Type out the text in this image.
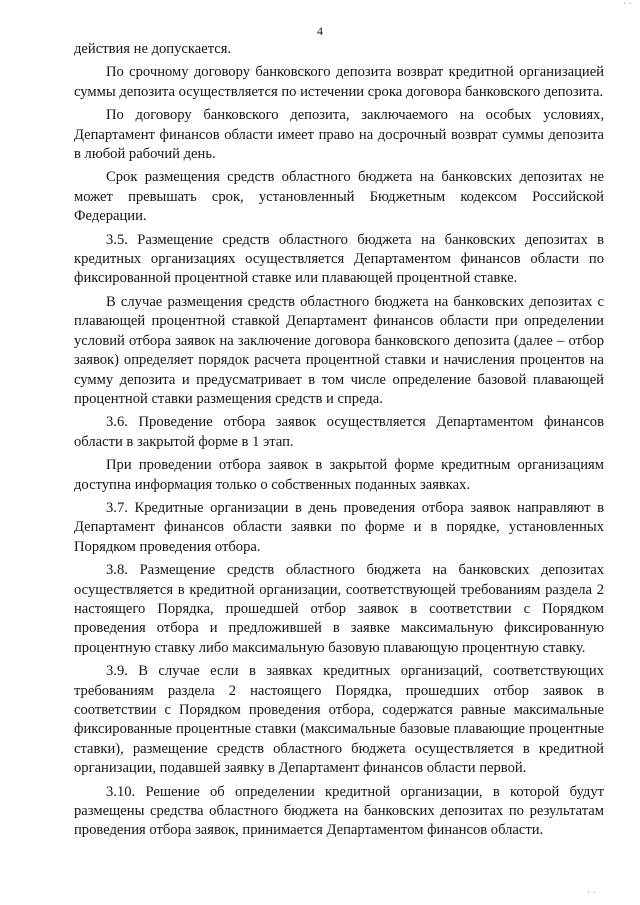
· ·
4

действия не допускается.

По срочному договору банковского депозита возврат кредитной организацией суммы депозита осуществляется по истечении срока договора банковского депозита.

По договору банковского депозита, заключаемого на особых условиях, Департамент финансов области имеет право на досрочный возврат суммы депозита в любой рабочий день.

Срок размещения средств областного бюджета на банковских депозитах не может превышать срок, установленный Бюджетным кодексом Российской Федерации.

3.5. Размещение средств областного бюджета на банковских депозитах в кредитных организациях осуществляется Департаментом финансов области по фиксированной процентной ставке или плавающей процентной ставке.

В случае размещения средств областного бюджета на банковских депозитах с плавающей процентной ставкой Департамент финансов области при определении условий отбора заявок на заключение договора банковского депозита (далее – отбор заявок) определяет порядок расчета процентной ставки и начисления процентов на сумму депозита и предусматривает в том числе определение базовой плавающей процентной ставки размещения средств и спреда.

3.6. Проведение отбора заявок осуществляется Департаментом финансов области в закрытой форме в 1 этап.

При проведении отбора заявок в закрытой форме кредитным организациям доступна информация только о собственных поданных заявках.

3.7. Кредитные организации в день проведения отбора заявок направляют в Департамент финансов области заявки по форме и в порядке, установленных Порядком проведения отбора.

3.8. Размещение средств областного бюджета на банковских депозитах осуществляется в кредитной организации, соответствующей требованиям раздела 2 настоящего Порядка, прошедшей отбор заявок в соответствии с Порядком проведения отбора и предложившей в заявке максимальную фиксированную процентную ставку либо максимальную базовую плавающую процентную ставку.

3.9. В случае если в заявках кредитных организаций, соответствующих требованиям раздела 2 настоящего Порядка, прошедших отбор заявок в соответствии с Порядком проведения отбора, содержатся равные максимальные фиксированные процентные ставки (максимальные базовые плавающие процентные ставки), размещение средств областного бюджета осуществляется в кредитной организации, подавшей заявку в Департамент финансов области первой.

3.10. Решение об определении кредитной организации, в которой будут размещены средства областного бюджета на банковских депозитах по результатам проведения отбора заявок, принимается Департаментом финансов области.

· ·
